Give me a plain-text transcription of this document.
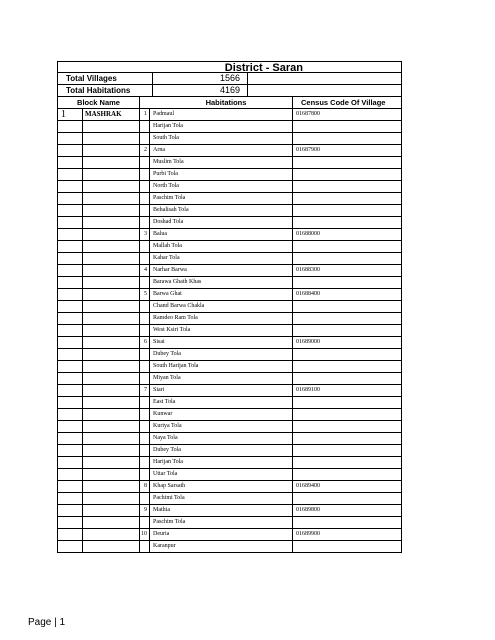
District - Saran
Total Villages	1566
Total Habitations	4169
Block Name	Habitations	Census Code Of Village
1	MASHRAK	1	Padmaul	01687800
Harijan Tola
South Tola
2	Arna	01687900
Muslim Tola
Purbi Tola
North Tola
Paschim Tola
Behalisah Tola
Doshad Tola
3	Balua	01688000
Mallah Tola
Kahar Tola
4	Narhar Barwa	01688300
Barawa Ghath Khas
5	Barwa Ghat	01688400
Chand Barwa Chakla
Ramdeo Ram Tola
West Ksiri Tola
6	Sisai	01689000
Dubey Tola
South Harijan Tola
Miyan Tola
7	Siari	01689100
East Tola
Kunwar
Kuriya Tola
Naya Tola
Dubey Tola
Harijan Tola
Uttar Tola
8	Khap Sarsath	01689400
Pachimi Tola
9	Mathia	01689800
Paschim Tola
10	Deuria	01689900
Karanpur
Page | 1
